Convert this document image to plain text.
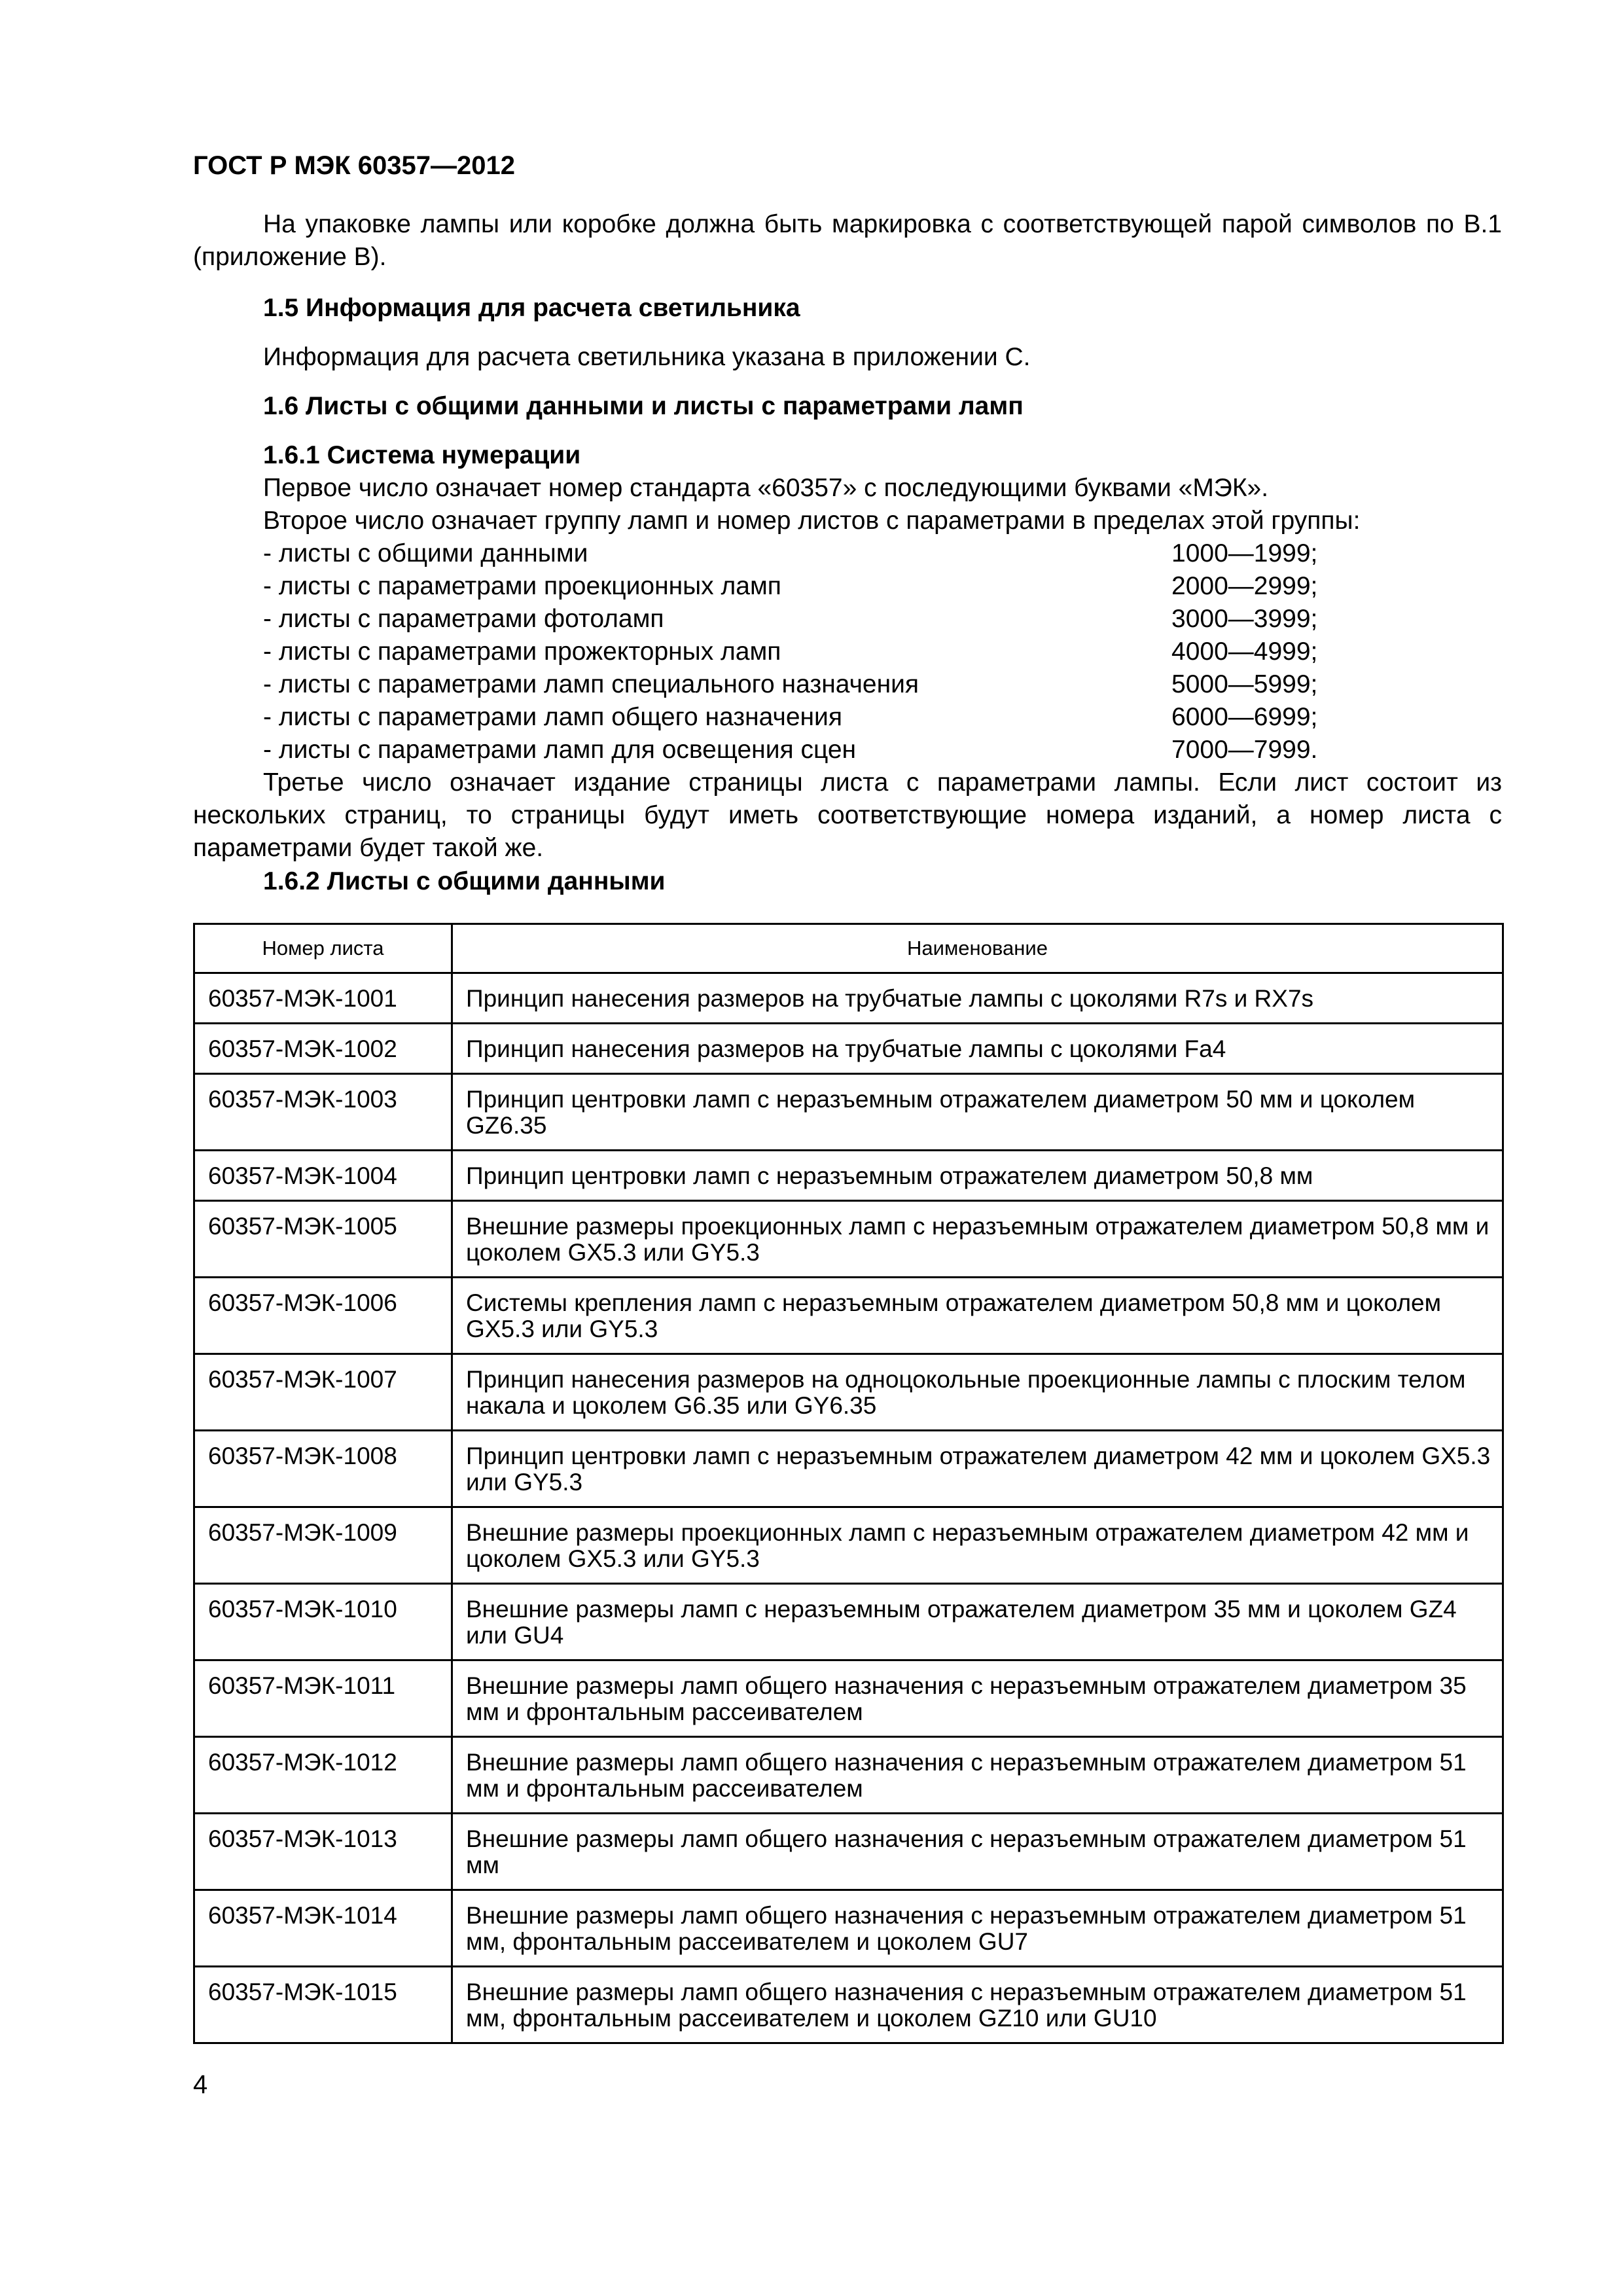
ГОСТ Р МЭК 60357—2012
На упаковке лампы или коробке должна быть маркировка с соответствующей парой символов по B.1 (приложение B).
1.5 Информация для расчета светильника
Информация для расчета светильника указана в приложении C.
1.6 Листы с общими данными и листы с параметрами ламп
1.6.1 Система нумерации
Первое число означает номер стандарта «60357» с последующими буквами «МЭК».
Второе число означает группу ламп и номер листов с параметрами в пределах этой группы:
- листы с общими данными	1000—1999;
- листы с параметрами проекционных ламп	2000—2999;
- листы с параметрами фотоламп	3000—3999;
- листы с параметрами прожекторных ламп	4000—4999;
- листы с параметрами ламп специального назначения	5000—5999;
- листы с параметрами ламп общего назначения	6000—6999;
- листы с параметрами ламп для освещения сцен	7000—7999.
Третье число означает издание страницы листа с параметрами лампы. Если лист состоит из нескольких страниц, то страницы будут иметь соответствующие номера изданий, а номер листа с параметрами будет такой же.
1.6.2 Листы с общими данными
Номер листа	Наименование
60357-МЭК-1001	Принцип нанесения размеров на трубчатые лампы с цоколями R7s и RX7s
60357-МЭК-1002	Принцип нанесения размеров на трубчатые лампы с цоколями Fa4
60357-МЭК-1003	Принцип центровки ламп с неразъемным отражателем диаметром 50 мм и цоколем GZ6.35
60357-МЭК-1004	Принцип центровки ламп с неразъемным отражателем диаметром 50,8 мм
60357-МЭК-1005	Внешние размеры проекционных ламп с неразъемным отражателем диаметром 50,8 мм и цоколем GX5.3 или GY5.3
60357-МЭК-1006	Системы крепления ламп с неразъемным отражателем диаметром 50,8 мм и цоколем GX5.3 или GY5.3
60357-МЭК-1007	Принцип нанесения размеров на одноцокольные проекционные лампы с плоским телом накала и цоколем G6.35 или GY6.35
60357-МЭК-1008	Принцип центровки ламп с неразъемным отражателем диаметром 42 мм и цоколем GX5.3 или GY5.3
60357-МЭК-1009	Внешние размеры проекционных ламп с неразъемным отражателем диаметром 42 мм и цоколем GX5.3 или GY5.3
60357-МЭК-1010	Внешние размеры ламп с неразъемным отражателем диаметром 35 мм и цоколем GZ4 или GU4
60357-МЭК-1011	Внешние размеры ламп общего назначения с неразъемным отражателем диаметром 35 мм и фронтальным рассеивателем
60357-МЭК-1012	Внешние размеры ламп общего назначения с неразъемным отражателем диаметром 51 мм и фронтальным рассеивателем
60357-МЭК-1013	Внешние размеры ламп общего назначения с неразъемным отражателем диаметром 51 мм
60357-МЭК-1014	Внешние размеры ламп общего назначения с неразъемным отражателем диаметром 51 мм, фронтальным рассеивателем и цоколем GU7
60357-МЭК-1015	Внешние размеры ламп общего назначения с неразъемным отражателем диаметром 51 мм, фронтальным рассеивателем и цоколем GZ10 или GU10
4
